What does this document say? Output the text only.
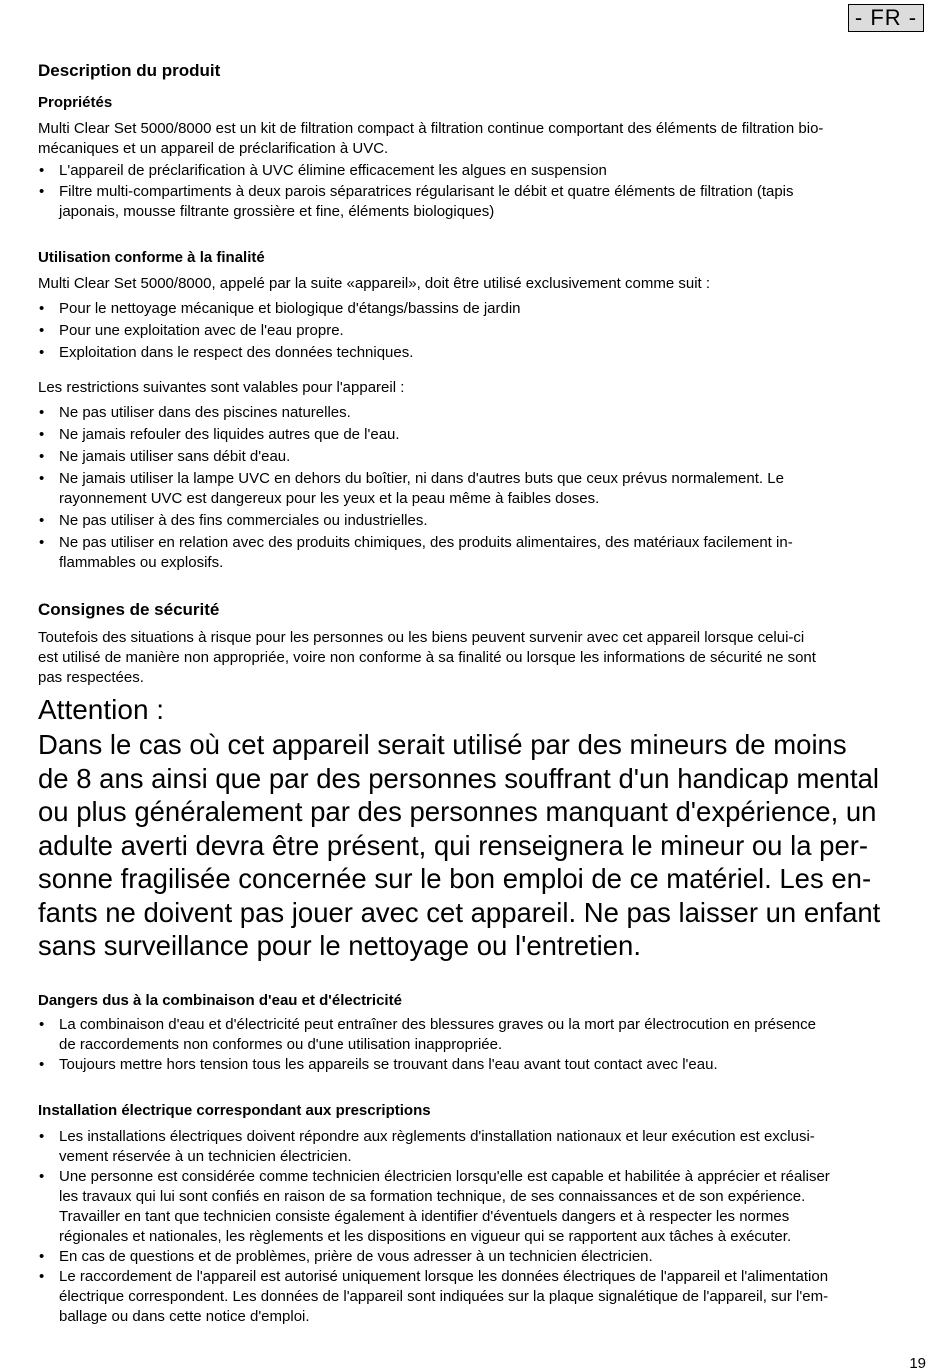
- FR -
Description du produit
Propriétés
Multi Clear Set 5000/8000 est un kit de filtration compact à filtration continue comportant des éléments de filtration bio-
mécaniques et un appareil de préclarification à UVC.
• L'appareil de préclarification à UVC élimine efficacement les algues en suspension
• Filtre multi-compartiments à deux parois séparatrices régularisant le débit et quatre éléments de filtration (tapis
japonais, mousse filtrante grossière et fine, éléments biologiques)
Utilisation conforme à la finalité
Multi Clear Set 5000/8000, appelé par la suite «appareil», doit être utilisé exclusivement comme suit :
• Pour le nettoyage mécanique et biologique d'étangs/bassins de jardin
• Pour une exploitation avec de l'eau propre.
• Exploitation dans le respect des données techniques.
Les restrictions suivantes sont valables pour l'appareil :
• Ne pas utiliser dans des piscines naturelles.
• Ne jamais refouler des liquides autres que de l'eau.
• Ne jamais utiliser sans débit d'eau.
• Ne jamais utiliser la lampe UVC en dehors du boîtier, ni dans d'autres buts que ceux prévus normalement. Le
rayonnement UVC est dangereux pour les yeux et la peau même à faibles doses.
• Ne pas utiliser à des fins commerciales ou industrielles.
• Ne pas utiliser en relation avec des produits chimiques, des produits alimentaires, des matériaux facilement in-
flammables ou explosifs.
Consignes de sécurité
Toutefois des situations à risque pour les personnes ou les biens peuvent survenir avec cet appareil lorsque celui-ci
est utilisé de manière non appropriée, voire non conforme à sa finalité ou lorsque les informations de sécurité ne sont
pas respectées.
Attention :
Dans le cas où cet appareil serait utilisé par des mineurs de moins
de 8 ans ainsi que par des personnes souffrant d'un handicap mental
ou plus généralement par des personnes manquant d'expérience, un
adulte averti devra être présent, qui renseignera le mineur ou la per-
sonne fragilisée concernée sur le bon emploi de ce matériel. Les en-
fants ne doivent pas jouer avec cet appareil. Ne pas laisser un enfant
sans surveillance pour le nettoyage ou l'entretien.
Dangers dus à la combinaison d'eau et d'électricité
• La combinaison d'eau et d'électricité peut entraîner des blessures graves ou la mort par électrocution en présence
de raccordements non conformes ou d'une utilisation inappropriée.
• Toujours mettre hors tension tous les appareils se trouvant dans l'eau avant tout contact avec l'eau.
Installation électrique correspondant aux prescriptions
• Les installations électriques doivent répondre aux règlements d'installation nationaux et leur exécution est exclusi-
vement réservée à un technicien électricien.
• Une personne est considérée comme technicien électricien lorsqu'elle est capable et habilitée à apprécier et réaliser
les travaux qui lui sont confiés en raison de sa formation technique, de ses connaissances et de son expérience.
Travailler en tant que technicien consiste également à identifier d'éventuels dangers et à respecter les normes
régionales et nationales, les règlements et les dispositions en vigueur qui se rapportent aux tâches à exécuter.
• En cas de questions et de problèmes, prière de vous adresser à un technicien électricien.
• Le raccordement de l'appareil est autorisé uniquement lorsque les données électriques de l'appareil et l'alimentation
électrique correspondent. Les données de l'appareil sont indiquées sur la plaque signalétique de l'appareil, sur l'em-
ballage ou dans cette notice d'emploi.
19
